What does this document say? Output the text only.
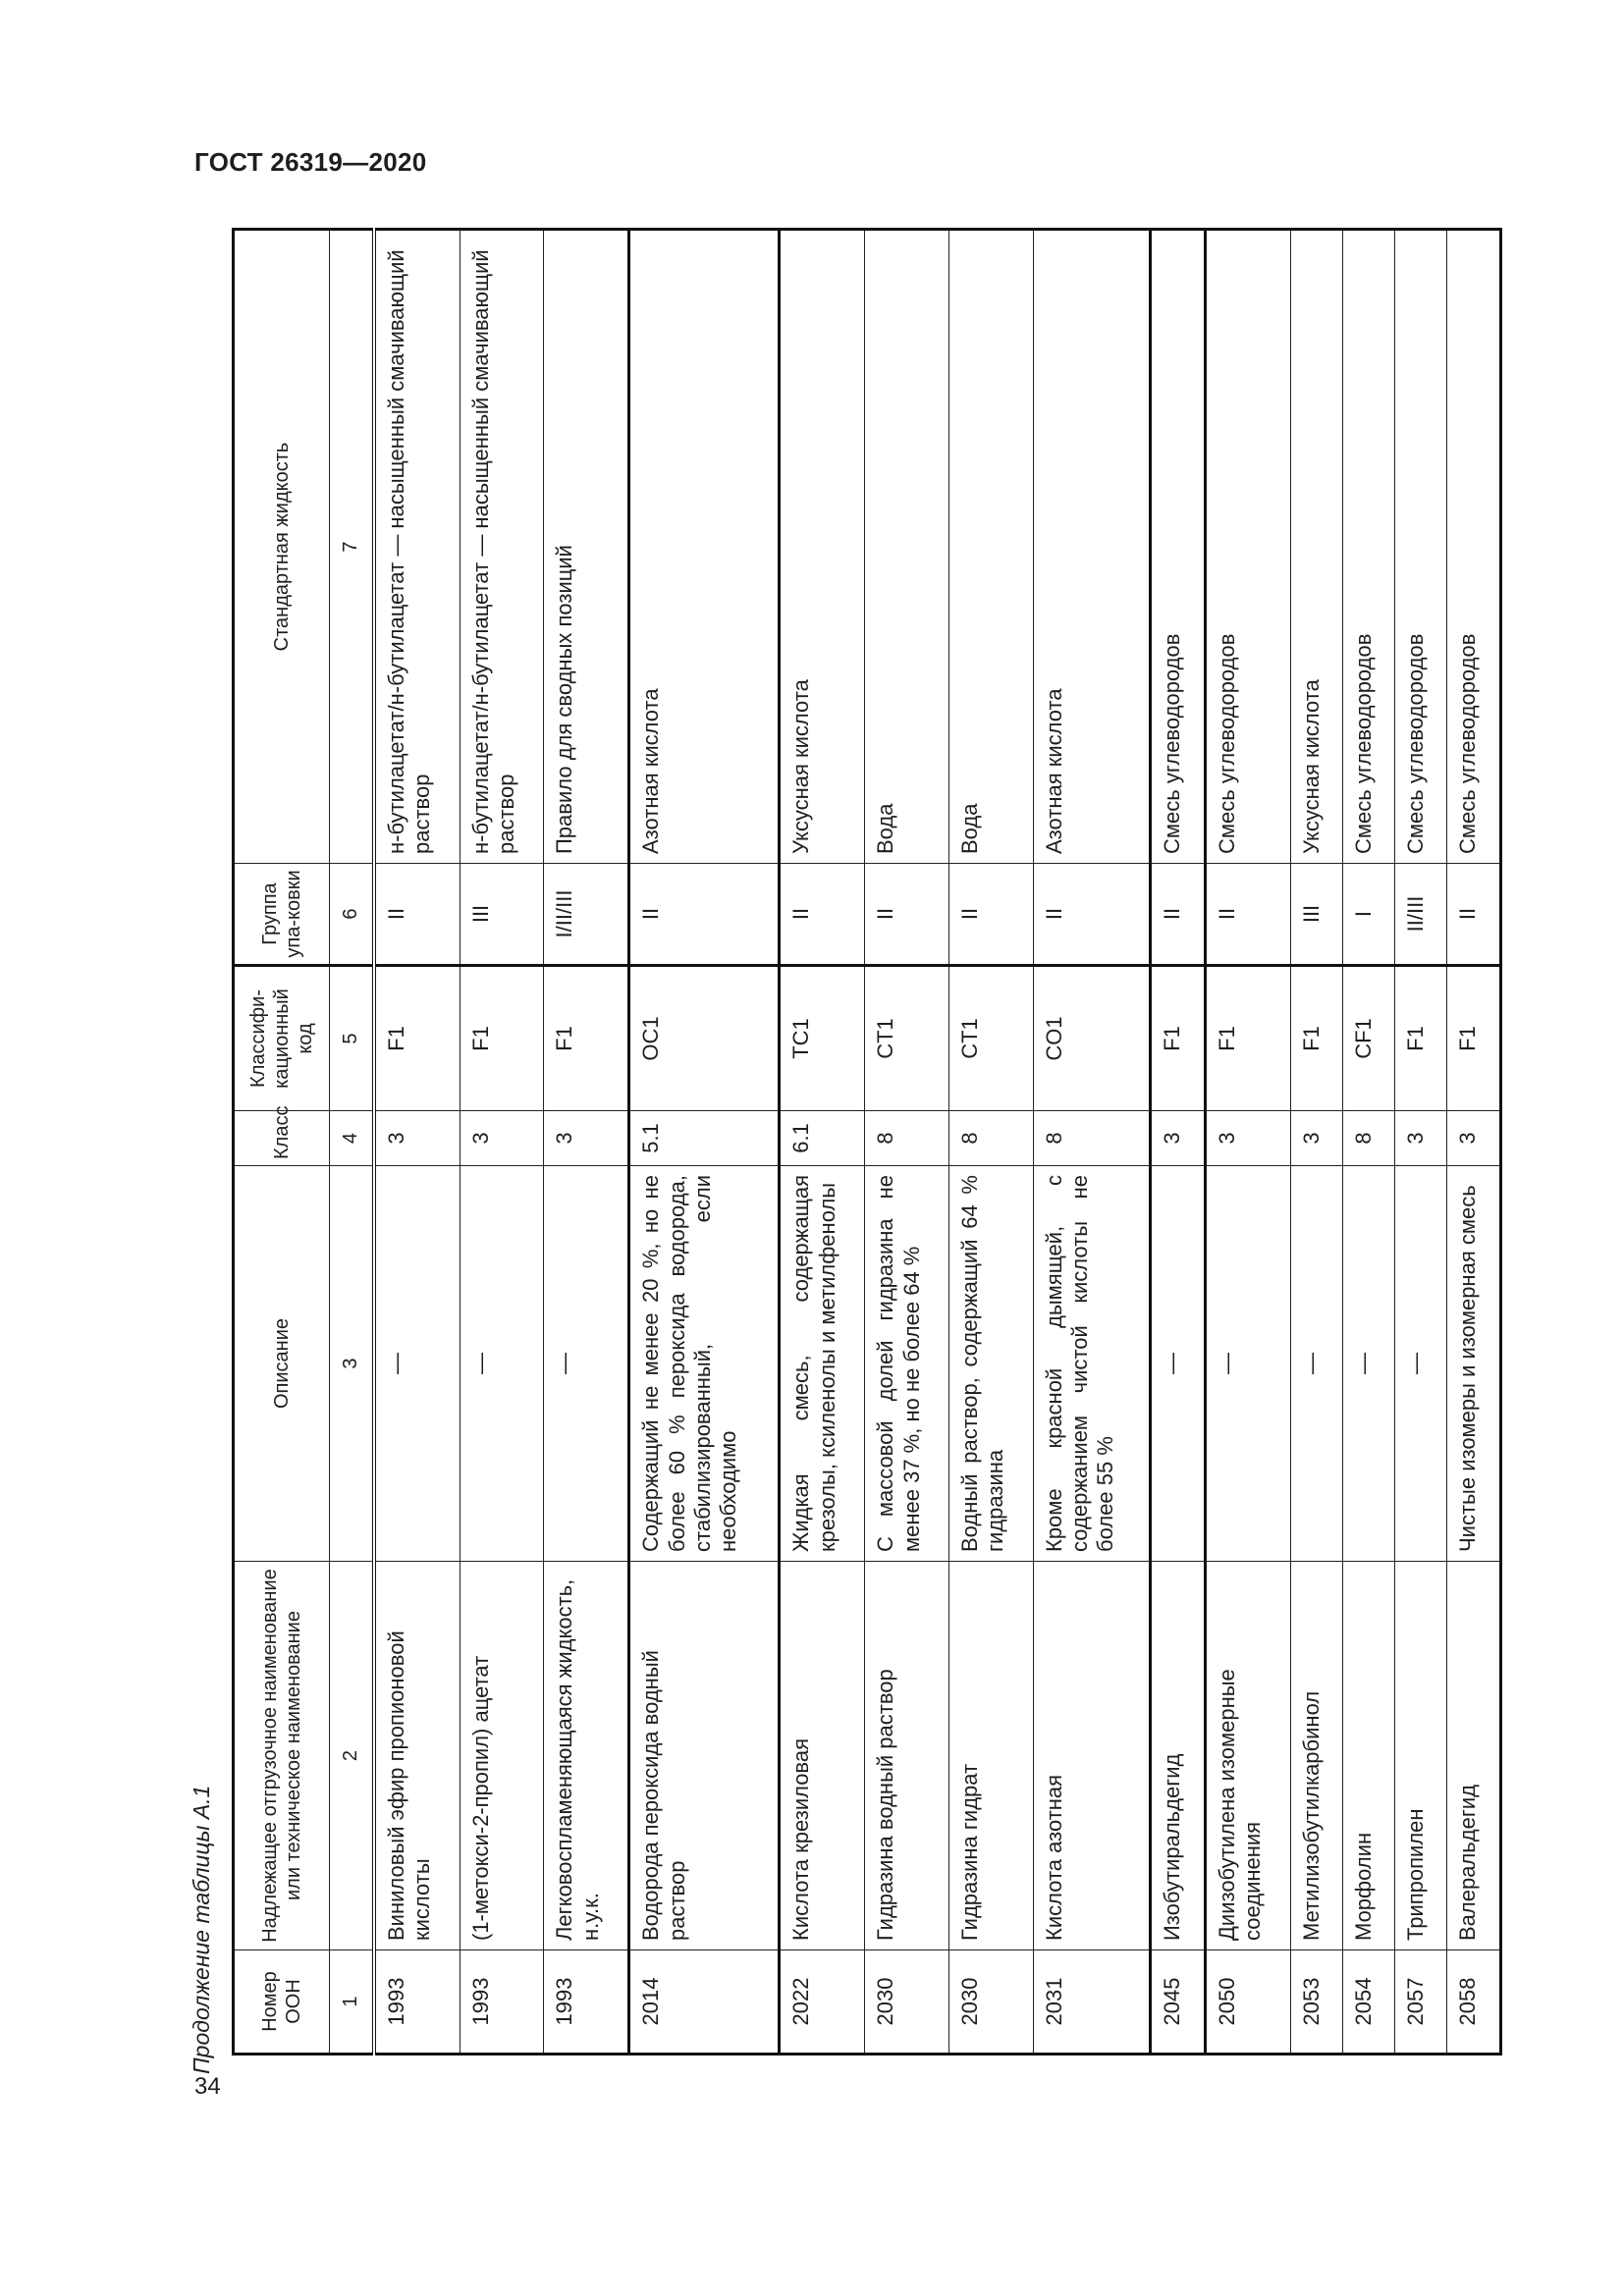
ГОСТ 26319—2020
34
Продолжение таблицы А.1 Номер ООН	Надлежащее отгрузочное наименование или техническое наименование	Описание	Класс	Классифи-кационный код	Группа упа-ковки	Стандартная жидкость
1	2	3	4	5	6	7
1993	Виниловый эфир пропионовой кислоты	—	3	F1	II	н-бутилацетат/н-бутилацетат — насыщенный смачивающий раствор
1993	(1-метокси-2-пропил) ацетат	—	3	F1	III	н-бутилацетат/н-бутилацетат — насыщенный смачивающий раствор
1993	Легковоспламеняющаяся жидкость, н.у.к.	—	3	F1	I/II/III	Правило для сводных позиций
2014	Водорода пероксида водный раствор	Содержащий не менее 20 %, но не более 60 % пероксида водорода, стабилизированный, если необходимо	5.1	OC1	II	Азотная кислота
2022	Кислота крезиловая	Жидкая смесь, содержащая крезолы, ксиленолы и метилфенолы	6.1	TC1	II	Уксусная кислота
2030	Гидразина водный раствор	С массовой долей гидразина не менее 37 %, но не более 64 %	8	CT1	II	Вода
2030	Гидразина гидрат	Водный раствор, содержащий 64 % гидразина	8	CT1	II	Вода
2031	Кислота азотная	Кроме красной дымящей, с содержанием чистой кислоты не более 55 %	8	CO1	II	Азотная кислота
2045	Изобутиральдегид	—	3	F1	II	Смесь углеводородов
2050	Диизобутилена изомерные соединения	—	3	F1	II	Смесь углеводородов
2053	Метилизобутилкарбинол	—	3	F1	III	Уксусная кислота
2054	Морфолин	—	8	CF1	I	Смесь углеводородов
2057	Трипропилен	—	3	F1	II/III	Смесь углеводородов
2058	Валеральдегид	Чистые изомеры и изомерная смесь	3	F1	II	Смесь углеводородов
